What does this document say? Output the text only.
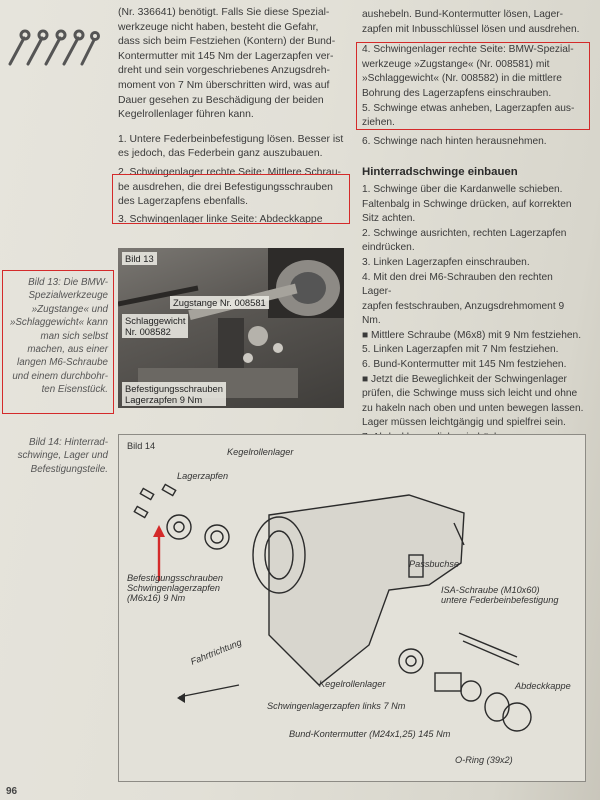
(Nr. 336641) benötigt. Falls Sie diese Spezial-

werkzeuge nicht haben, besteht die Gefahr,

dass sich beim Festziehen (Kontern) der Bund-

Kontermutter mit 145 Nm der Lagerzapfen ver-

dreht und sein vorgeschriebenes Anzugsdreh-

moment von 7 Nm überschritten wird, was auf

Dauer gesehen zu Beschädigung der beiden

Kegelrollenlager führen kann.

1. Untere Federbeinbefestigung lösen. Besser ist

es jedoch, das Federbein ganz auszubauen.

2. Schwingenlager rechte Seite: Mittlere Schrau-

be ausdrehen, die drei Befestigungsschrauben

des Lagerzapfens ebenfalls.

3. Schwingenlager linke Seite: Abdeckkappe

Bild 13
Zugstange Nr. 008581
Schlaggewicht
Nr. 008582
Befestigungsschrauben
Lagerzapfen 9 Nm
Bild 13: Die BMW-
Spezialwerkzeuge
»Zugstange« und
»Schlaggewicht« kann
man sich selbst
machen, aus einer
langen M6-Schraube
und einem durchbohr-
ten Eisenstück.
Bild 14: Hinterrad-
schwinge, Lager und
Befestigungsteile.

aushebeln. Bund-Kontermutter lösen, Lager-

zapfen mit Inbusschlüssel lösen und ausdrehen.

4. Schwingenlager rechte Seite: BMW-Spezial-

werkzeuge »Zugstange« (Nr. 008581) mit

»Schlaggewicht« (Nr. 008582) in die mittlere

Bohrung des Lagerzapfens einschrauben.

5. Schwinge etwas anheben, Lagerzapfen aus-

ziehen.

6. Schwinge nach hinten herausnehmen.

Hinterradschwinge einbauen

1. Schwinge über die Kardanwelle schieben.

Faltenbalg in Schwinge drücken, auf korrekten

Sitz achten.

2. Schwinge ausrichten, rechten Lagerzapfen

eindrücken.

3. Linken Lagerzapfen einschrauben.

4. Mit den drei M6-Schrauben den rechten Lager-

zapfen festschrauben, Anzugsdrehmoment 9 Nm.

■ Mittlere Schraube (M6x8) mit 9 Nm festziehen.

5. Linken Lagerzapfen mit 7 Nm festziehen.

6. Bund-Kontermutter mit 145 Nm festziehen.

■ Jetzt die Beweglichkeit der Schwingenlager

prüfen, die Schwinge muss sich leicht und ohne

zu hakeln nach oben und unten bewegen lassen.

Lager müssen leichtgängig und spielfrei sein.

Bild 14
Kegelrollenlager
Lagerzapfen
Passbuchse
ISA-Schraube (M10x60)
untere Federbeinbefestigung
Befestigungsschrauben
Schwingenlagerzapfen
(M6x16) 9 Nm
Fahrtrichtung
Kegelrollenlager	Abdeckkappe
Schwingenlagerzapfen links 7 Nm
Bund-Kontermutter (M24x1,25) 145 Nm
O-Ring (39x2)
96
